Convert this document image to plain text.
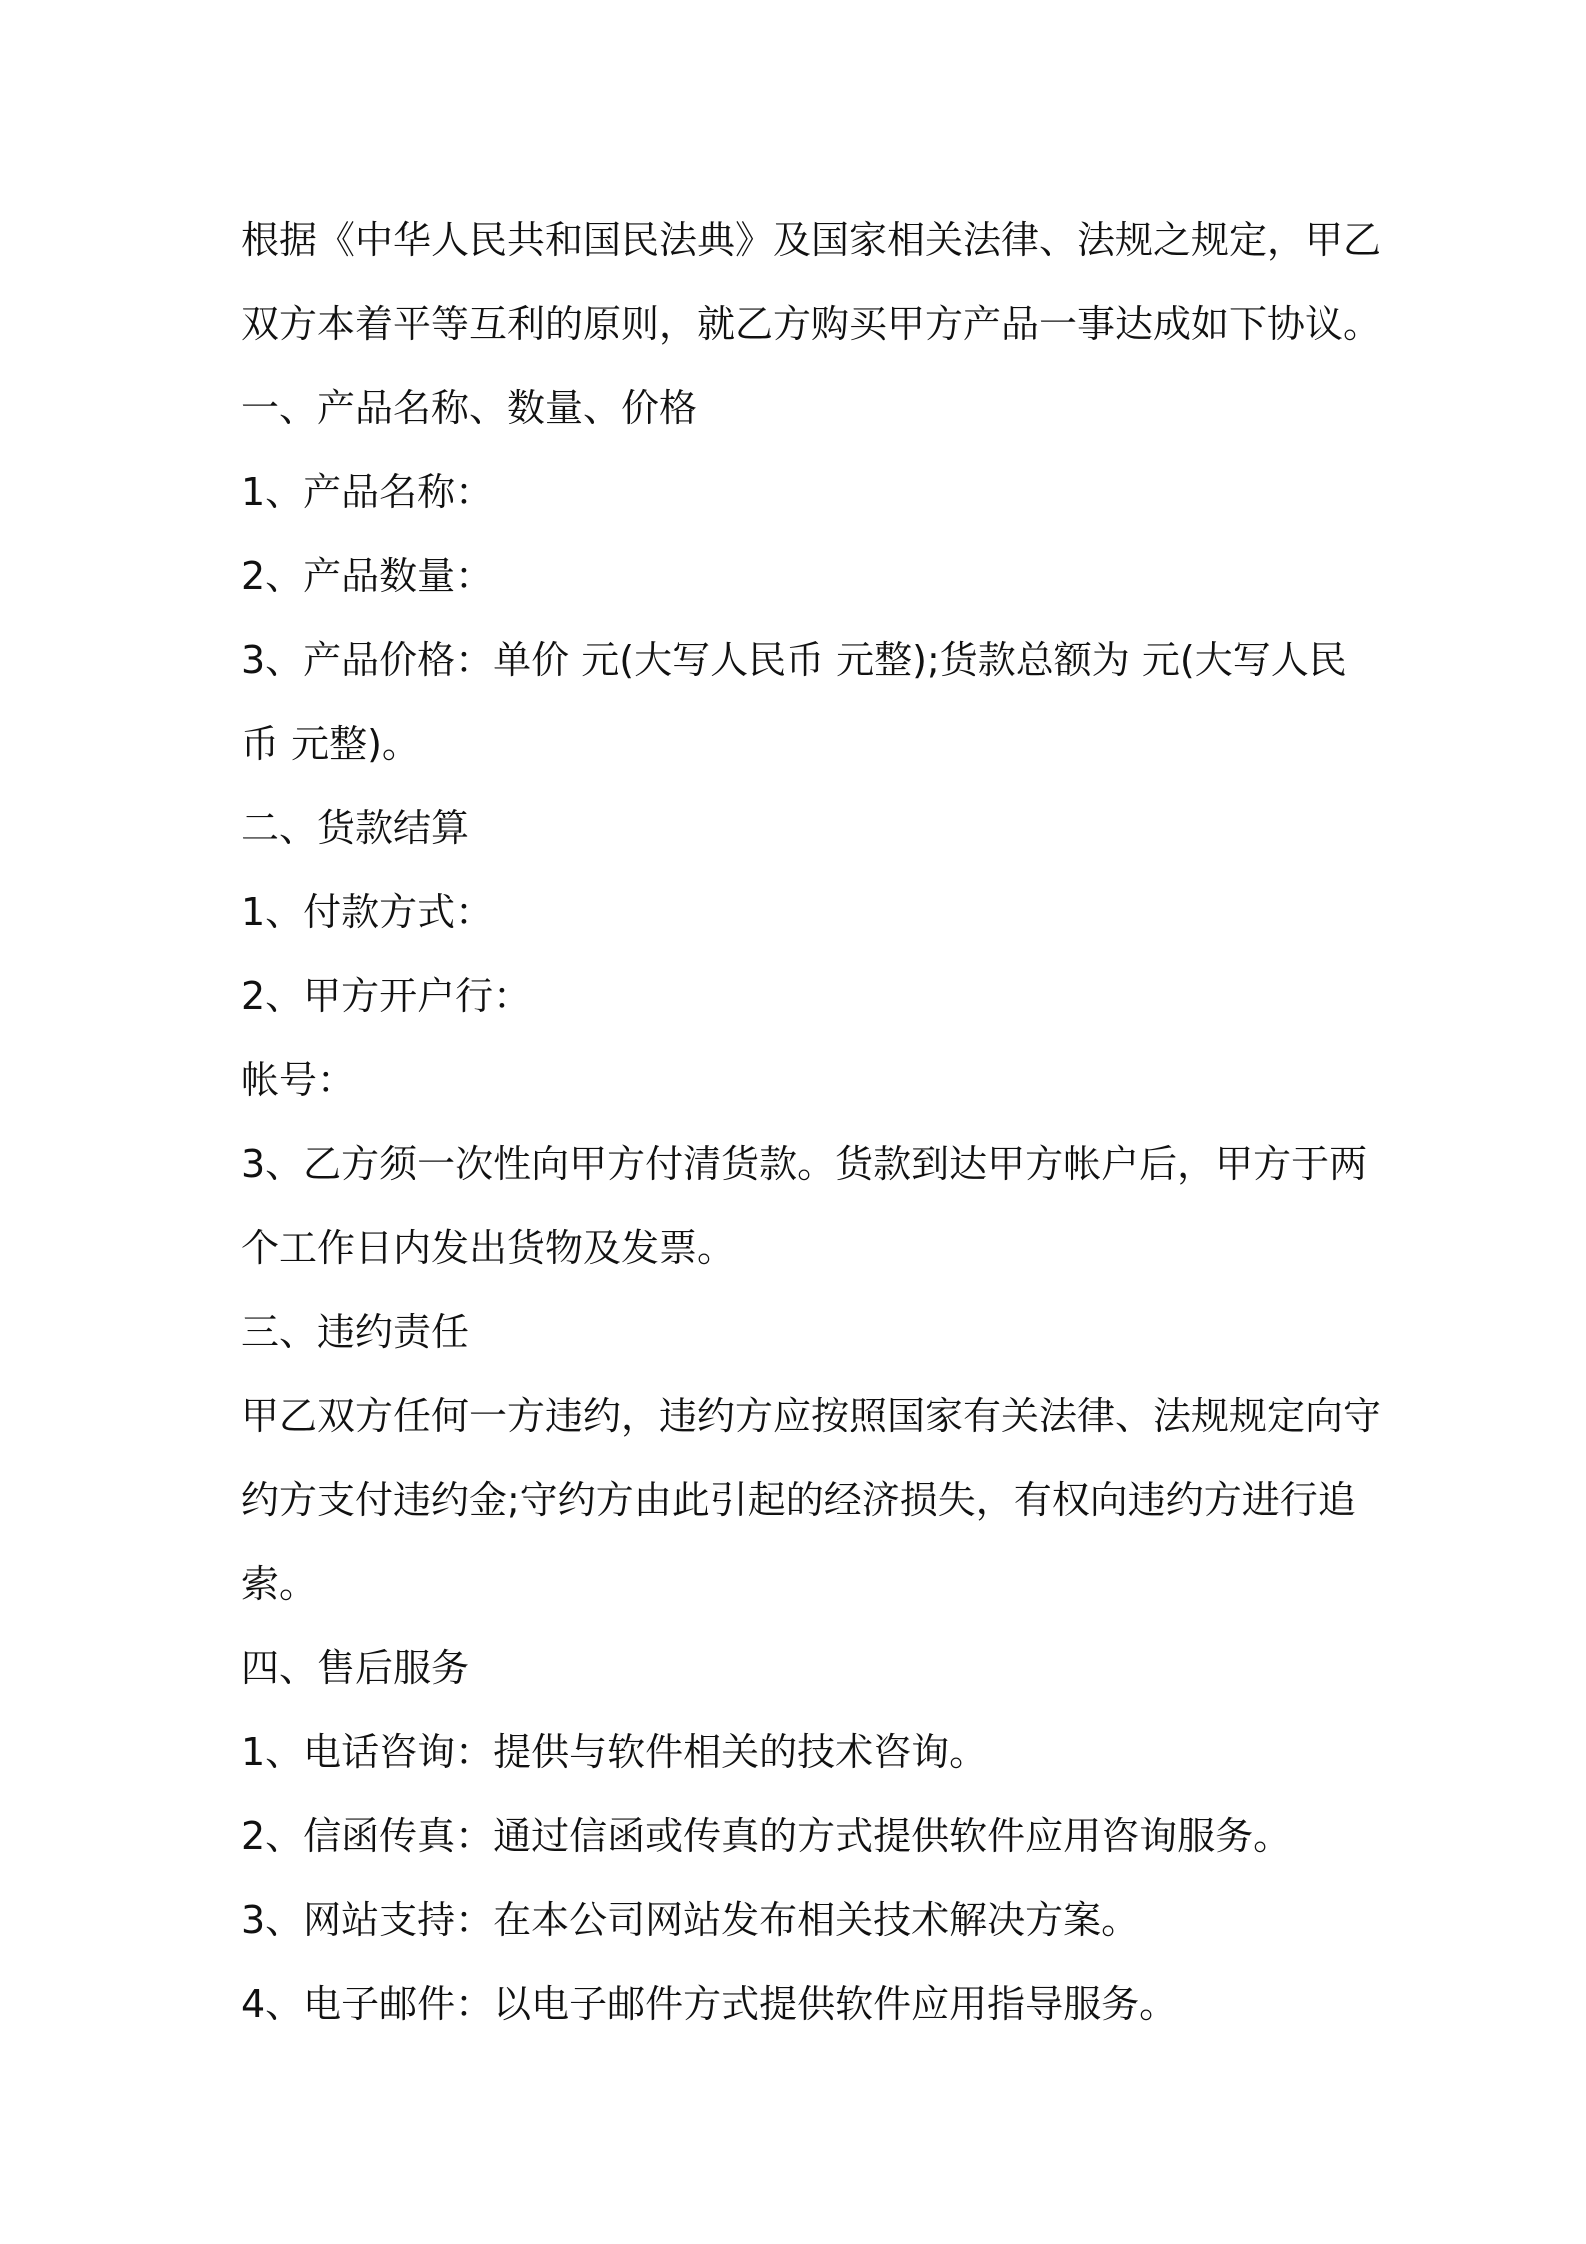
根据《中华人民共和国民法典》及国家相关法律、法规之规定，甲乙
双方本着平等互利的原则，就乙方购买甲方产品一事达成如下协议。
一、产品名称、数量、价格
1、产品名称：
2、产品数量：
3、产品价格：单价 元(大写人民币 元整);货款总额为 元(大写人民
币 元整)。
二、货款结算
1、付款方式：
2、甲方开户行：
帐号：
3、乙方须一次性向甲方付清货款。货款到达甲方帐户后，甲方于两
个工作日内发出货物及发票。
三、违约责任
甲乙双方任何一方违约，违约方应按照国家有关法律、法规规定向守
约方支付违约金;守约方由此引起的经济损失，有权向违约方进行追
索。
四、售后服务
1、电话咨询：提供与软件相关的技术咨询。
2、信函传真：通过信函或传真的方式提供软件应用咨询服务。
3、网站支持：在本公司网站发布相关技术解决方案。
4、电子邮件：以电子邮件方式提供软件应用指导服务。
